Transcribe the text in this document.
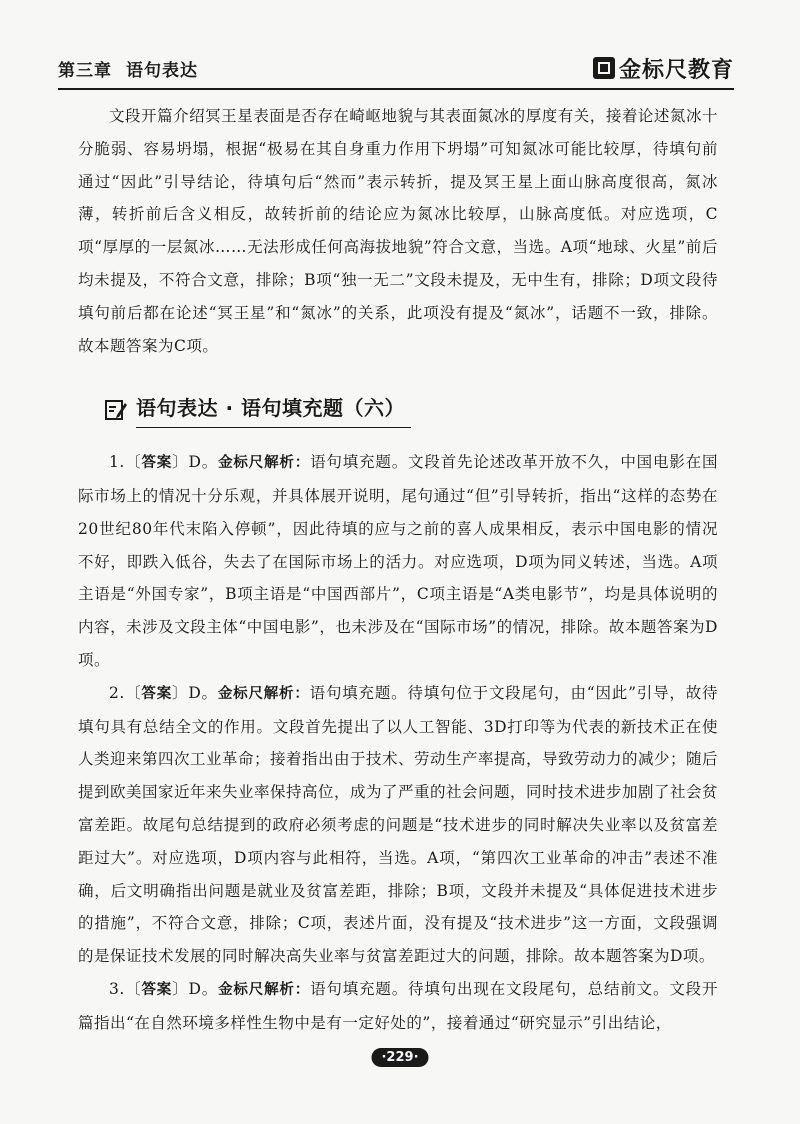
第三章 语句表达	金标尺教育

文段开篇介绍冥王星表面是否存在崎岖地貌与其表面氮冰的厚度有关，接着论述氮冰十分脆弱、容易坍塌，根据“极易在其自身重力作用下坍塌”可知氮冰可能比较厚，待填句前通过“因此”引导结论，待填句后“然而”表示转折，提及冥王星上面山脉高度很高，氮冰薄，转折前后含义相反，故转折前的结论应为氮冰比较厚，山脉高度低。对应选项，C项“厚厚的一层氮冰……无法形成任何高海拔地貌”符合文意，当选。A项“地球、火星”前后均未提及，不符合文意，排除；B项“独一无二”文段未提及，无中生有，排除；D项文段待填句前后都在论述“冥王星”和“氮冰”的关系，此项没有提及“氮冰”，话题不一致，排除。故本题答案为C项。

语句表达 · 语句填充题（六）

1.〔答案〕D。金标尺解析：语句填充题。文段首先论述改革开放不久，中国电影在国际市场上的情况十分乐观，并具体展开说明，尾句通过“但”引导转折，指出“这样的态势在20世纪80年代末陷入停顿”，因此待填的应与之前的喜人成果相反，表示中国电影的情况不好，即跌入低谷，失去了在国际市场上的活力。对应选项，D项为同义转述，当选。A项主语是“外国专家”，B项主语是“中国西部片”，C项主语是“A类电影节”，均是具体说明的内容，未涉及文段主体“中国电影”，也未涉及在“国际市场”的情况，排除。故本题答案为D项。

2.〔答案〕D。金标尺解析：语句填充题。待填句位于文段尾句，由“因此”引导，故待填句具有总结全文的作用。文段首先提出了以人工智能、3D打印等为代表的新技术正在使人类迎来第四次工业革命；接着指出由于技术、劳动生产率提高，导致劳动力的减少；随后提到欧美国家近年来失业率保持高位，成为了严重的社会问题，同时技术进步加剧了社会贫富差距。故尾句总结提到的政府必须考虑的问题是“技术进步的同时解决失业率以及贫富差距过大”。对应选项，D项内容与此相符，当选。A项，“第四次工业革命的冲击”表述不准确，后文明确指出问题是就业及贫富差距，排除；B项，文段并未提及“具体促进技术进步的措施”，不符合文意，排除；C项，表述片面，没有提及“技术进步”这一方面，文段强调的是保证技术发展的同时解决高失业率与贫富差距过大的问题，排除。故本题答案为D项。

3.〔答案〕D。金标尺解析：语句填充题。待填句出现在文段尾句，总结前文。文段开篇指出“在自然环境多样性生物中是有一定好处的”，接着通过“研究显示”引出结论，

·229·
